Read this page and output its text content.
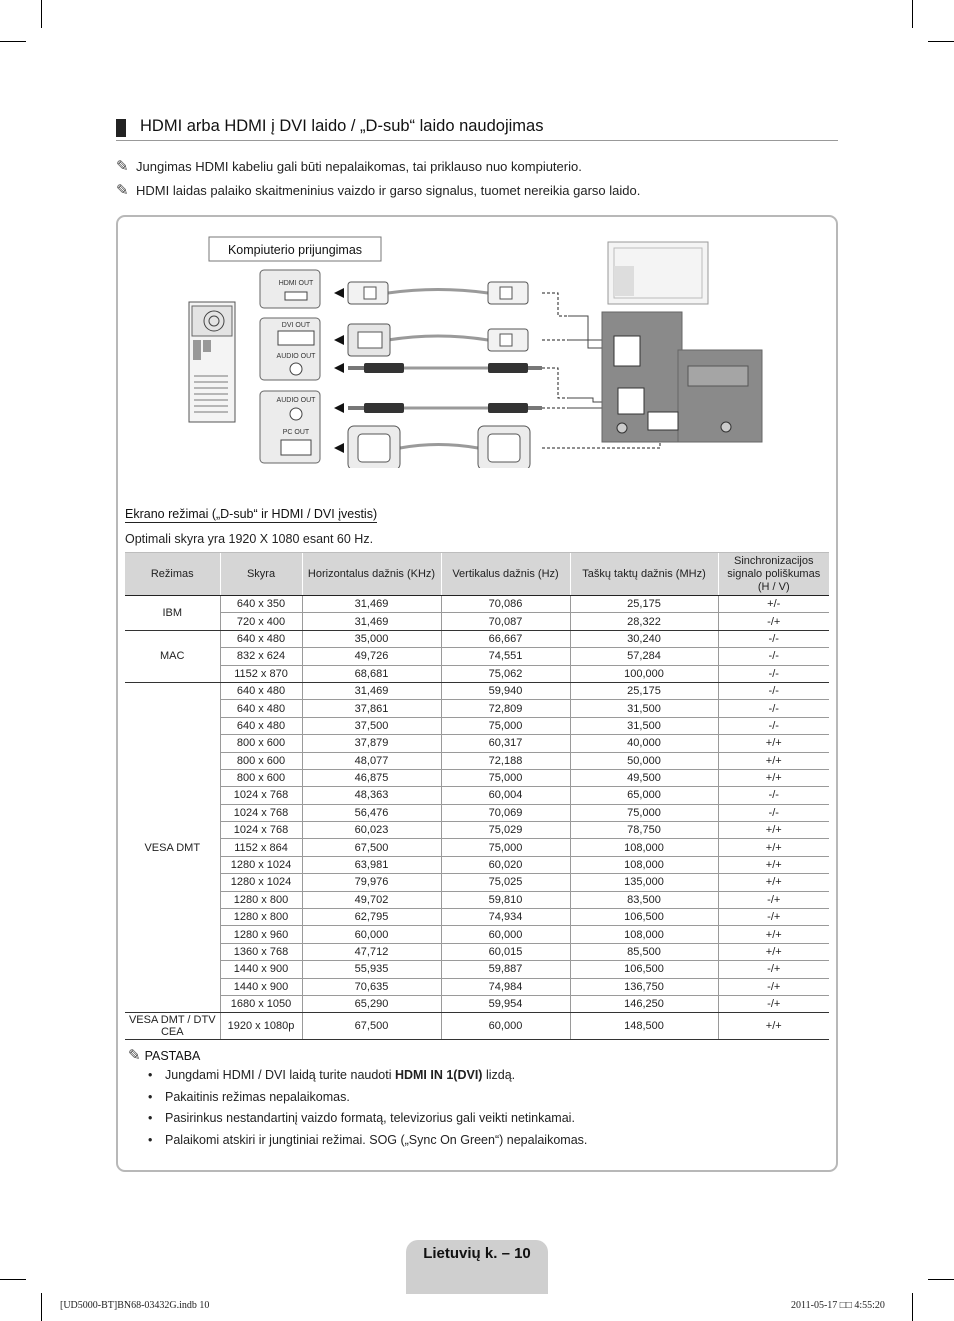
HDMI arba HDMI į DVI laido / „D-sub“ laido naudojimas
✎ Jungimas HDMI kabeliu gali būti nepalaikomas, tai priklauso nuo kompiuterio.
✎ HDMI laidas palaiko skaitmeninius vaizdo ir garso signalus, tuomet nereikia garso laido.
Kompiuterio prijungimas
HDMI OUT
DVI OUT
AUDIO OUT
AUDIO OUT
PC OUT
Ekrano režimai („D-sub“ ir HDMI / DVI įvestis)
Optimali skyra yra 1920 X 1080 esant 60 Hz.
Režimas	Skyra	Horizontalus dažnis (KHz)	Vertikalus dažnis (Hz)	Taškų taktų dažnis (MHz)	Sinchronizacijos signalo poliškumas (H / V)
IBM	640 x 350	31,469	70,086	25,175	+/-
	720 x 400	31,469	70,087	28,322	-/+
MAC	640 x 480	35,000	66,667	30,240	-/-
	832 x 624	49,726	74,551	57,284	-/-
	1152 x 870	68,681	75,062	100,000	-/-
VESA DMT	640 x 480	31,469	59,940	25,175	-/-
	640 x 480	37,861	72,809	31,500	-/-
	640 x 480	37,500	75,000	31,500	-/-
	800 x 600	37,879	60,317	40,000	+/+
	800 x 600	48,077	72,188	50,000	+/+
	800 x 600	46,875	75,000	49,500	+/+
	1024 x 768	48,363	60,004	65,000	-/-
	1024 x 768	56,476	70,069	75,000	-/-
	1024 x 768	60,023	75,029	78,750	+/+
	1152 x 864	67,500	75,000	108,000	+/+
	1280 x 1024	63,981	60,020	108,000	+/+
	1280 x 1024	79,976	75,025	135,000	+/+
	1280 x 800	49,702	59,810	83,500	-/+
	1280 x 800	62,795	74,934	106,500	-/+
	1280 x 960	60,000	60,000	108,000	+/+
	1360 x 768	47,712	60,015	85,500	+/+
	1440 x 900	55,935	59,887	106,500	-/+
	1440 x 900	70,635	74,984	136,750	-/+
	1680 x 1050	65,290	59,954	146,250	-/+
VESA DMT / DTV CEA	1920 x 1080p	67,500	60,000	148,500	+/+
✎ PASTABA
• Jungdami HDMI / DVI laidą turite naudoti HDMI IN 1(DVI) lizdą.
• Pakaitinis režimas nepalaikomas.
• Pasirinkus nestandartinį vaizdo formatą, televizorius gali veikti netinkamai.
• Palaikomi atskiri ir jungtiniai režimai. SOG („Sync On Green“) nepalaikomas.
Lietuvių k. – 10
[UD5000-BT]BN68-03432G.indb 10	2011-05-17 □□ 4:55:20
